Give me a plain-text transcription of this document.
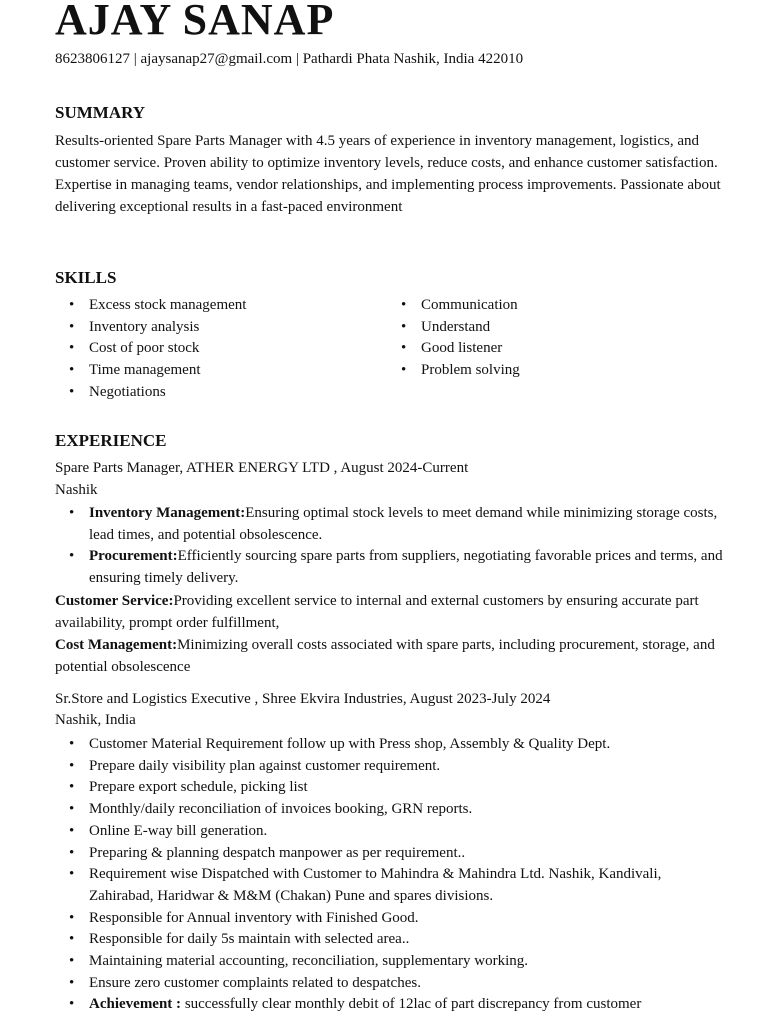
AJAY SANAP
8623806127 | ajaysanap27@gmail.com | Pathardi Phata Nashik, India 422010
SUMMARY

Results-oriented Spare Parts Manager with 4.5 years of experience in inventory management, logistics, and customer service. Proven ability to optimize inventory levels, reduce costs, and enhance customer satisfaction. Expertise in managing teams, vendor relationships, and implementing process improvements. Passionate about delivering exceptional results in a fast-paced environment

SKILLS
• Excess stock management
• Inventory analysis
• Cost of poor stock
• Time management
• Negotiations
• Communication
• Understand
• Good listener
• Problem solving
EXPERIENCE
Spare Parts Manager, ATHER ENERGY LTD , August 2024-Current
Nashik
• Inventory Management:Ensuring optimal stock levels to meet demand while minimizing storage costs, lead times, and potential obsolescence.
• Procurement:Efficiently sourcing spare parts from suppliers, negotiating favorable prices and terms, and ensuring timely delivery.

Customer Service:Providing excellent service to internal and external customers by ensuring accurate part availability, prompt order fulfillment,

Cost Management:Minimizing overall costs associated with spare parts, including procurement, storage, and potential obsolescence

Sr.Store and Logistics Executive , Shree Ekvira Industries, August 2023-July 2024
Nashik, India
• Customer Material Requirement follow up with Press shop, Assembly & Quality Dept.
• Prepare daily visibility plan against customer requirement.
• Prepare export schedule, picking list
• Monthly/daily reconciliation of invoices booking, GRN reports.
• Online E-way bill generation.
• Preparing & planning despatch manpower as per requirement..
• Requirement wise Dispatched with Customer to Mahindra & Mahindra Ltd. Nashik, Kandivali, Zahirabad, Haridwar & M&M (Chakan) Pune and spares divisions.
• Responsible for Annual inventory with Finished Good.
• Responsible for daily 5s maintain with selected area..
• Maintaining material accounting, reconciliation, supplementary working.
• Ensure zero customer complaints related to despatches.
• Achievement : successfully clear monthly debit of 12lac of part discrepancy from customer
